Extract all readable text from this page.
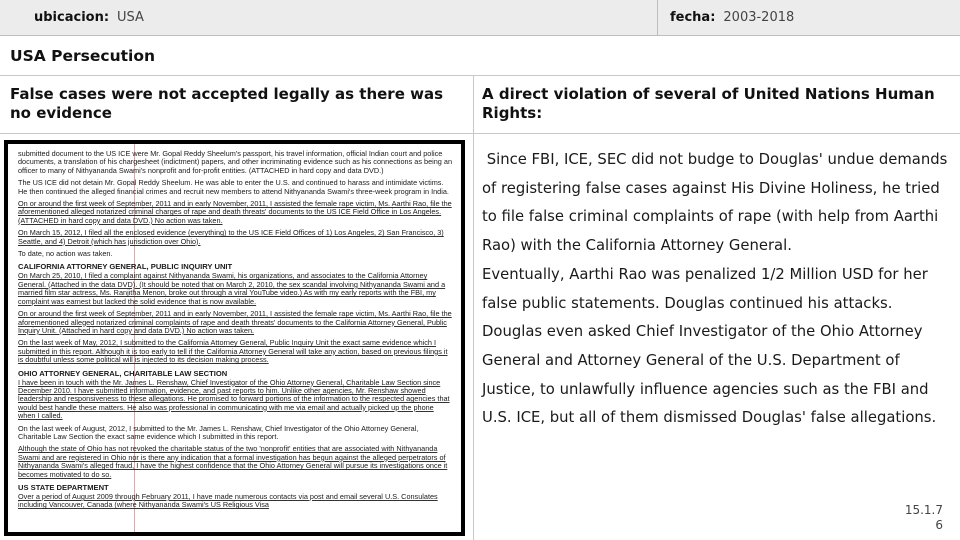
ubicacion: USA	fecha: 2003-2018
USA Persecution
False cases were not accepted legally as there was no evidence
A direct violation of several of United Nations Human Rights:

submitted document to the US ICE were Mr. Gopal Reddy Sheelum's passport, his travel information, official Indian court and police documents, a translation of his chargesheet (indictment) papers, and other incriminating evidence such as his connections as being an officer to many of Nithyananda Swami's nonprofit and for-profit entities. (ATTACHED in hard copy and data DVD.)

The US ICE did not detain Mr. Gopal Reddy Sheelum. He was able to enter the U.S. and continued to harass and intimidate victims. He then continued the alleged financial crimes and recruit new members to attend Nithyananda Swami's three-week program in India.

On or around the first week of September, 2011 and in early November, 2011, I assisted the female rape victim, Ms. Aarthi Rao, file the aforementioned alleged notarized criminal charges of rape and death threats' documents to the US ICE Field Office in Los Angeles. (ATTACHED in hard copy and data DVD.) No action was taken.

On March 15, 2012, I filed all the enclosed evidence (everything) to the US ICE Field Offices of 1) Los Angeles, 2) San Francisco, 3) Seattle, and 4) Detroit (which has jurisdiction over Ohio).

To date, no action was taken.

CALIFORNIA ATTORNEY GENERAL, PUBLIC INQUIRY UNIT

On March 25, 2010, I filed a complaint against Nithyananda Swami, his organizations, and associates to the California Attorney General. (Attached in the data DVD). (It should be noted that on March 2, 2010, the sex scandal involving Nithyananda Swami and a married film star actress, Ms. Ranjitha Menon, broke out through a viral YouTube video.) As with my early reports with the FBI, my complaint was earnest but lacked the solid evidence that is now available.

On or around the first week of September, 2011 and in early November, 2011, I assisted the female rape victim, Ms. Aarthi Rao, file the aforementioned alleged notarized criminal complaints of rape and death threats' documents to the California Attorney General, Public Inquiry Unit. (Attached in hard copy and data DVD.) No action was taken.

On the last week of May, 2012, I submitted to the California Attorney General, Public Inquiry Unit the exact same evidence which I submitted in this report. Although it is too early to tell if the California Attorney General will take any action, based on previous filings it is doubtful unless some political will is injected to its decision making process.

OHIO ATTORNEY GENERAL, CHARITABLE LAW SECTION

I have been in touch with the Mr. James L. Renshaw, Chief Investigator of the Ohio Attorney General, Charitable Law Section since December 2010. I have submitted information, evidence, and past reports to him. Unlike other agencies, Mr. Renshaw showed leadership and responsiveness to these allegations. He promised to forward portions of the information to the respected agencies that would best handle these matters. He also was professional in communicating with me via email and actually picked up the phone when I called.

On the last week of August, 2012, I submitted to the Mr. James L. Renshaw, Chief Investigator of the Ohio Attorney General, Charitable Law Section the exact same evidence which I submitted in this report.

Although the state of Ohio has not revoked the charitable status of the two 'nonprofit' entities that are associated with Nithyananda Swami and are registered in Ohio nor is there any indication that a formal investigation has begun against the alleged perpetrators of Nithyananda Swami's alleged fraud, I have the highest confidence that the Ohio Attorney General will pursue its investigations once it becomes motivated to do so.

US STATE DEPARTMENT

Over a period of August 2009 through February 2011, I have made numerous contacts via post and email several U.S. Consulates including Vancouver, Canada (where Nithyananda Swami's US Religious Visa

Since FBI, ICE, SEC did not budge to Douglas' undue demands of registering false cases against His Divine Holiness, he tried to file false criminal complaints of rape (with help from Aarthi Rao) with the California Attorney General.

Eventually, Aarthi Rao was penalized 1/2 Million USD for her false public statements. Douglas continued his attacks. Douglas even asked Chief Investigator of the Ohio Attorney General and Attorney General of the U.S. Department of Justice, to unlawfully influence agencies such as the FBI and U.S. ICE, but all of them dismissed Douglas' false allegations.

15.1.7
6
